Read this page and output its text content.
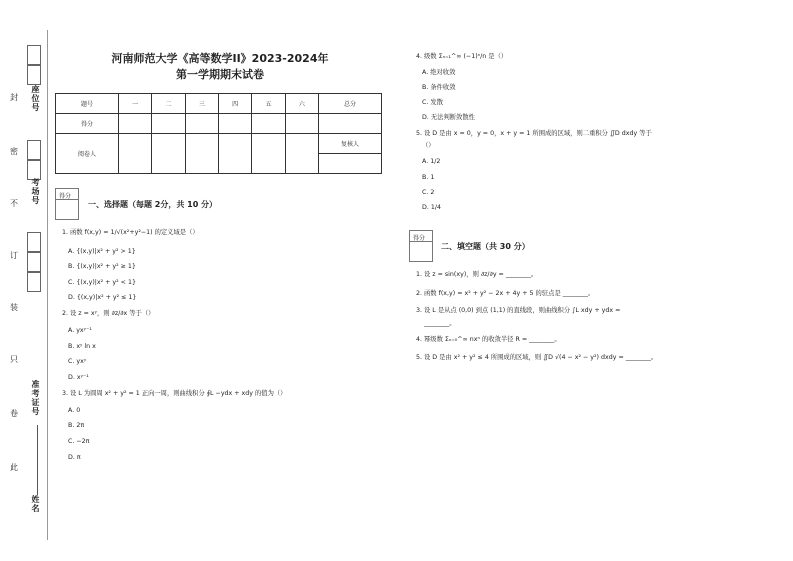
座位号
考场号
准考证号
姓名
封
密
不
订
装
只
卷
此
河南师范大学《高等数学II》2023-2024年
第一学期期末试卷
题号	一	二	三	四	五	六	总分
得分							
阅卷人							复核人

得分
一、选择题（每题 2分，共 10 分）
1. 函数 f(x,y) = 1/√(x²+y²−1) 的定义域是（）
A. {(x,y)|x² + y² > 1}
B. {(x,y)|x² + y² ≥ 1}
C. {(x,y)|x² + y² < 1}
D. {(x,y)|x² + y² ≤ 1}
2. 设 z = xʸ，则 ∂z/∂x 等于（）
A. yxʸ⁻¹
B. xʸ ln x
C. yxʸ
D. xʸ⁻¹
3. 设 L 为圆周 x² + y² = 1 正向一周，则曲线积分 ∮L −ydx + xdy 的值为（）
A. 0
B. 2π
C. −2π
D. π
4. 级数 Σₙ₌₁^∞ (−1)ⁿ/n 是（）
A. 绝对收敛
B. 条件收敛
C. 发散
D. 无法判断敛散性
5. 设 D 是由 x = 0，y = 0，x + y = 1 所围成的区域，则二重积分 ∬D dxdy 等于
（）
A. 1/2
B. 1
C. 2
D. 1/4
得分
二、填空题（共 30 分）
1. 设 z = sin(xy)，则 ∂z/∂y = ________。
2. 函数 f(x,y) = x² + y² − 2x + 4y + 5 的驻点是 ________。
3. 设 L 是从点 (0,0) 到点 (1,1) 的直线段，则曲线积分 ∫L xdy + ydx =
________。
4. 幂级数 Σₙ₌₀^∞ nxⁿ 的收敛半径 R = ________。
5. 设 D 是由 x² + y² ≤ 4 所围成的区域，则 ∬D √(4 − x² − y²) dxdy = ________。
